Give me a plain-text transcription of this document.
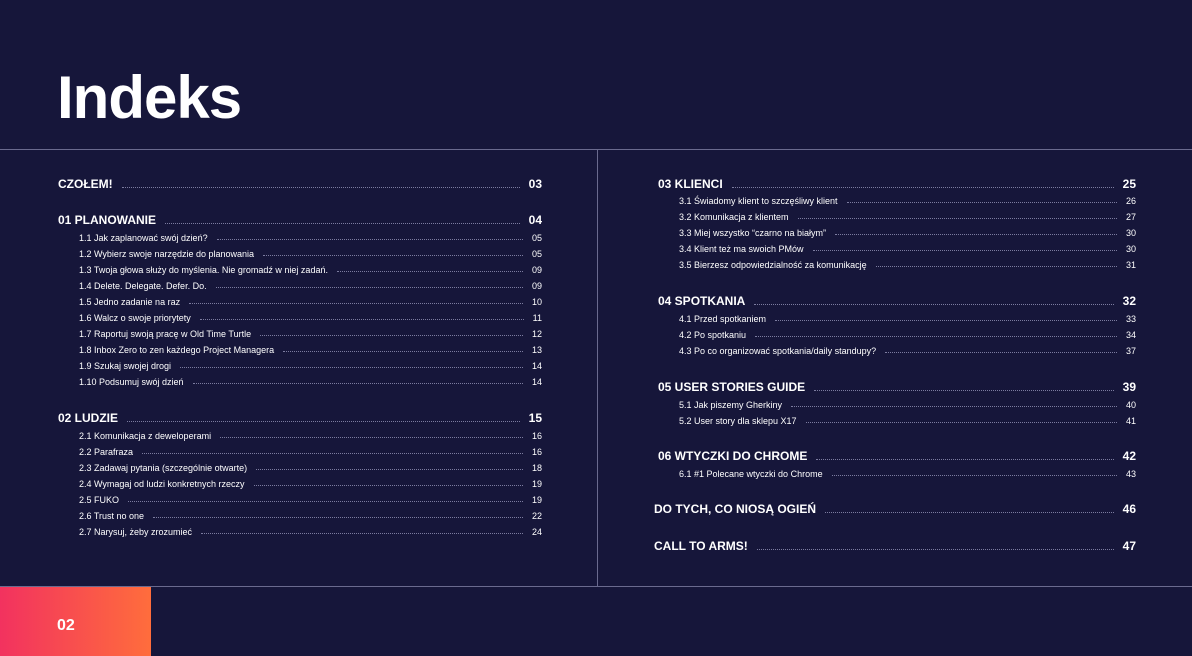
Indeks
CZOŁEM!	03
01 PLANOWANIE	04
1.1 Jak zaplanować swój dzień?	05
1.2 Wybierz swoje narzędzie do planowania	05
1.3 Twoja głowa służy do myślenia. Nie gromadź w niej zadań.	09
1.4 Delete. Delegate. Defer. Do.	09
1.5 Jedno zadanie na raz	10
1.6 Walcz o swoje priorytety	11
1.7 Raportuj swoją pracę w Old Time Turtle	12
1.8 Inbox Zero to zen każdego Project Managera	13
1.9 Szukaj swojej drogi	14
1.10 Podsumuj swój dzień	14
02 LUDZIE	15
2.1 Komunikacja z deweloperami	16
2.2 Parafraza	16
2.3 Zadawaj pytania (szczególnie otwarte)	18
2.4 Wymagaj od ludzi konkretnych rzeczy	19
2.5 FUKO	19
2.6 Trust no one	22
2.7 Narysuj, żeby zrozumieć	24
03 KLIENCI	25
3.1 Świadomy klient to szczęśliwy klient	26
3.2 Komunikacja z klientem	27
3.3 Miej wszystko “czarno na białym”	30
3.4 Klient też ma swoich PMów	30
3.5 Bierzesz odpowiedzialność za komunikację	31
04 SPOTKANIA	32
4.1 Przed spotkaniem	33
4.2 Po spotkaniu	34
4.3 Po co organizować spotkania/daily standupy?	37
05 USER STORIES GUIDE	39
5.1 Jak piszemy Gherkiny	40
5.2 User story dla sklepu X17	41
06 WTYCZKI DO CHROME	42
6.1 #1 Polecane wtyczki do Chrome	43
DO TYCH, CO NIOSĄ OGIEŃ	46
CALL TO ARMS!	47
02
